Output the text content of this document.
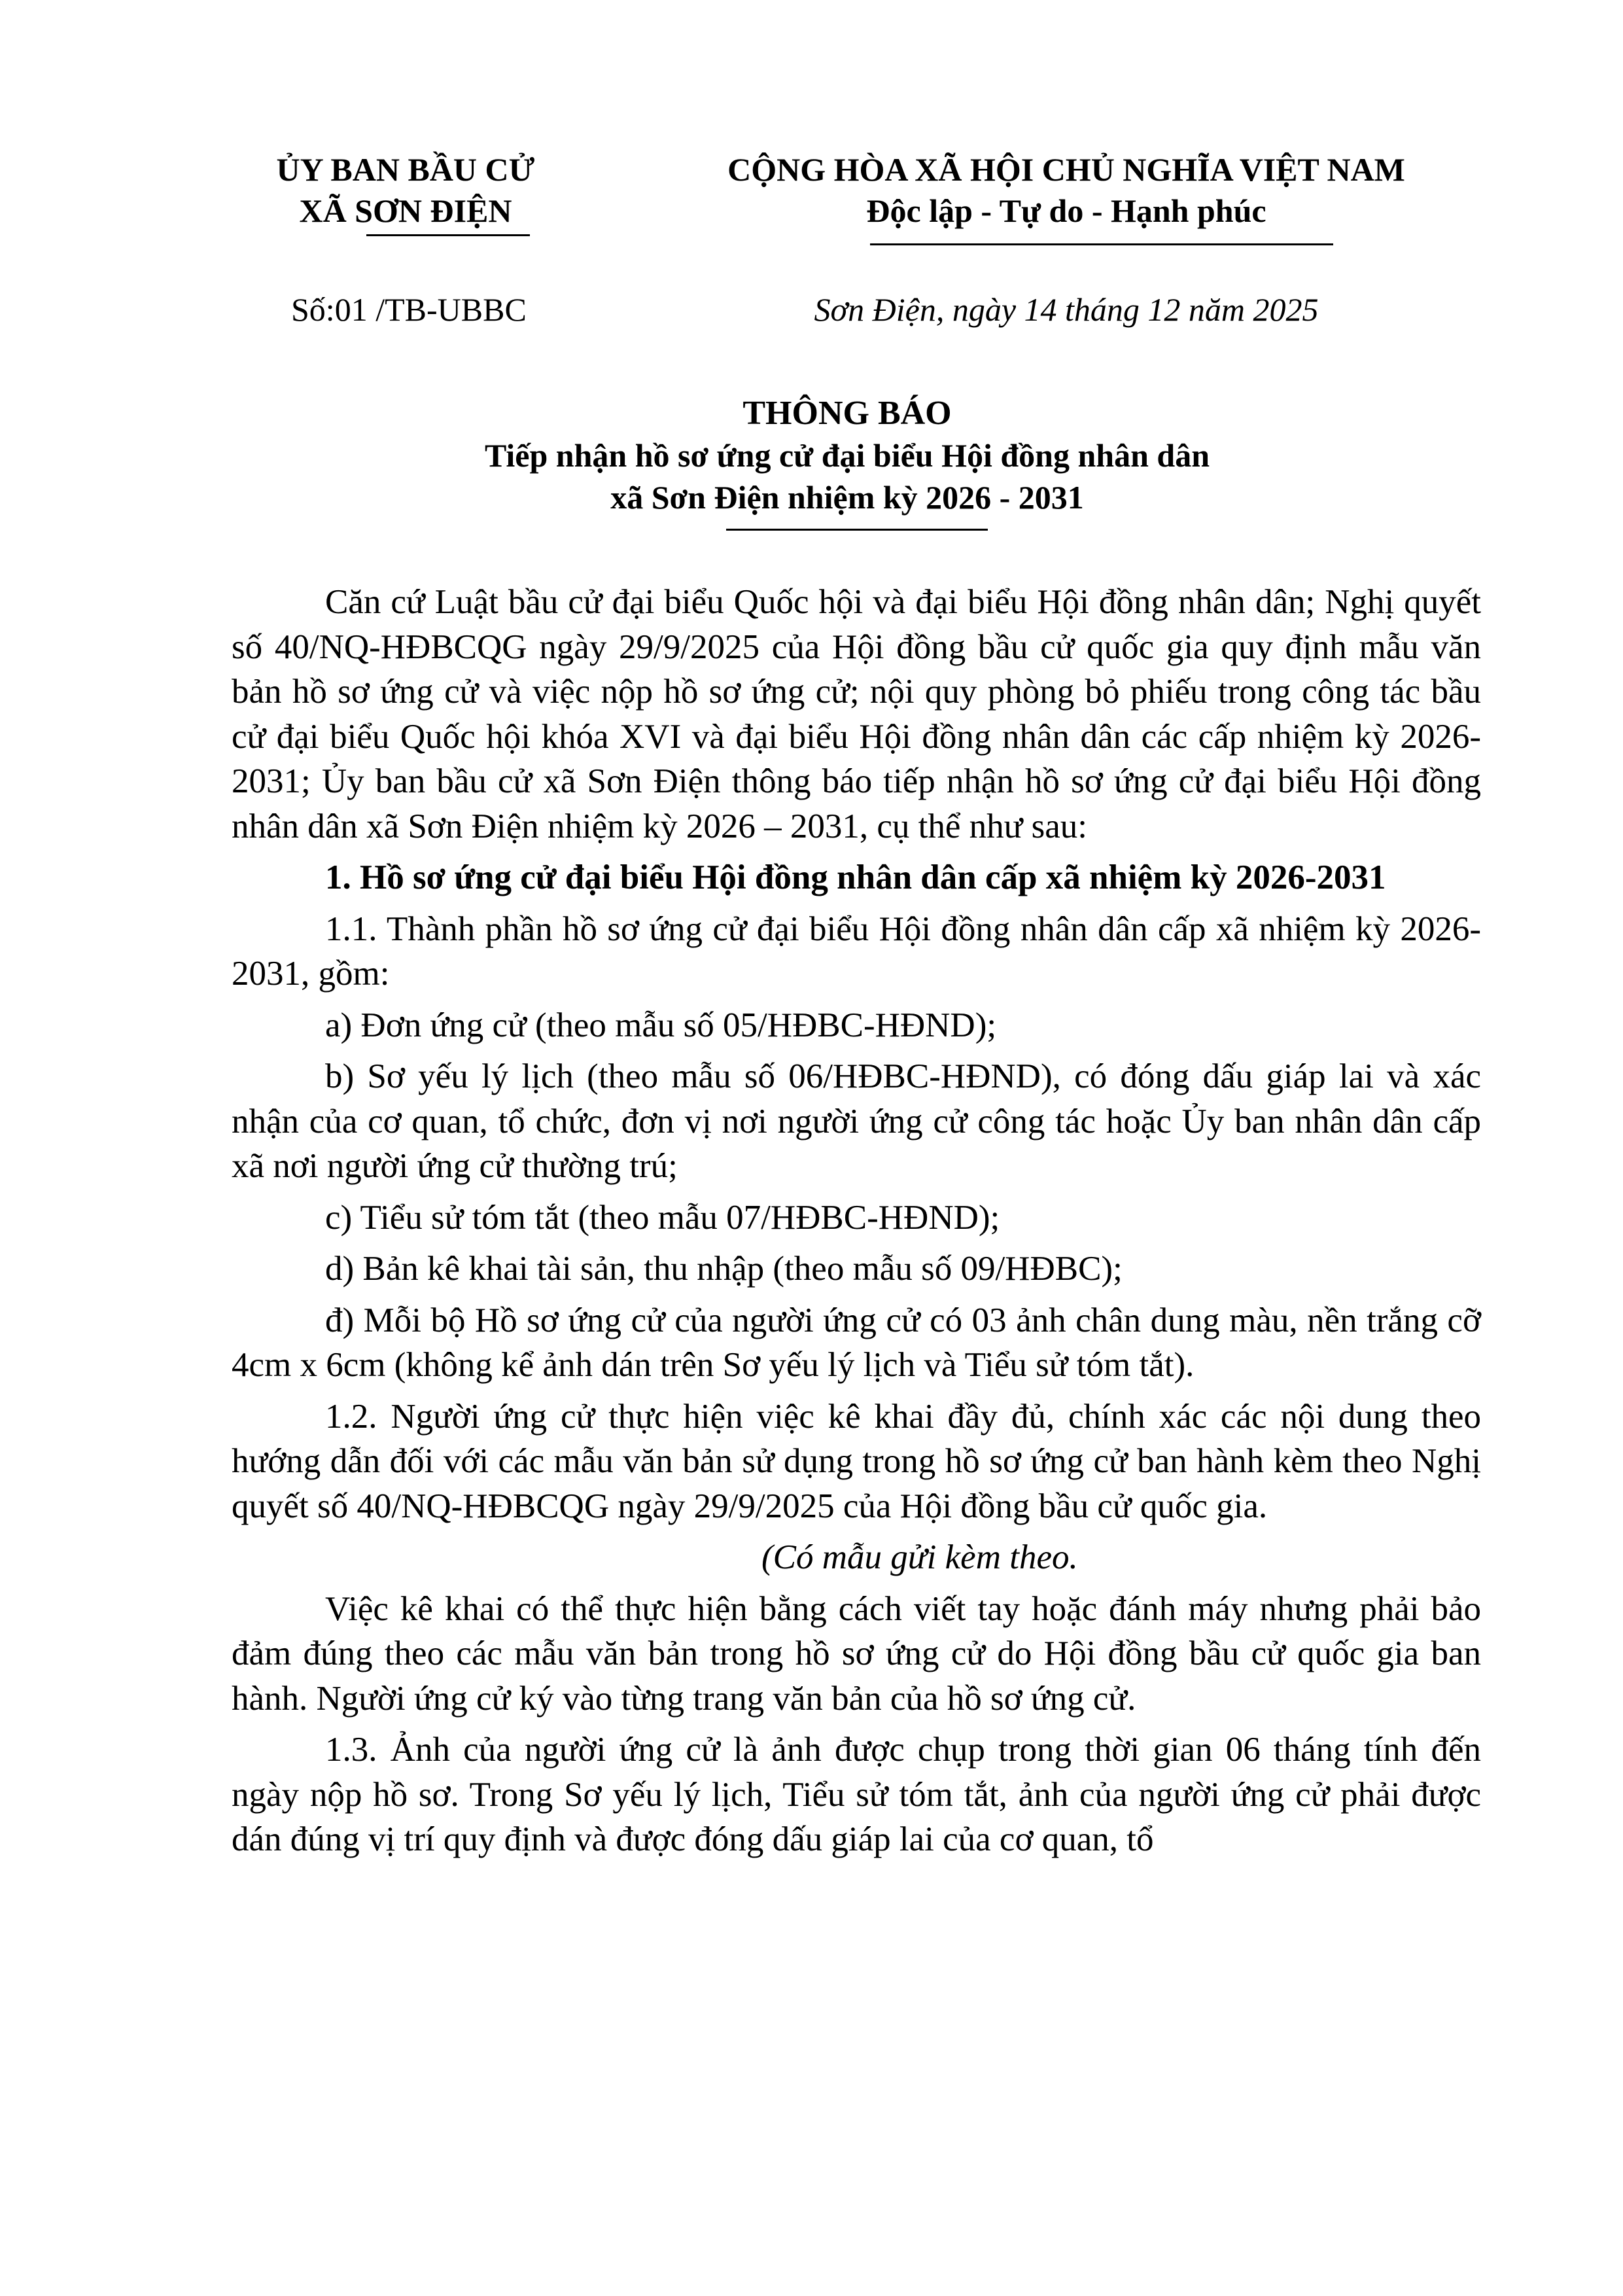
ỦY BAN BẦU CỬ
XÃ SƠN ĐIỆN
CỘNG HÒA XÃ HỘI CHỦ NGHĨA VIỆT NAM
Độc lập - Tự do - Hạnh phúc
Số:01 /TB-UBBC	Sơn Điện, ngày 14 tháng 12 năm 2025
THÔNG BÁO
Tiếp nhận hồ sơ ứng cử đại biểu Hội đồng nhân dân
xã Sơn Điện nhiệm kỳ 2026 - 2031

Căn cứ Luật bầu cử đại biểu Quốc hội và đại biểu Hội đồng nhân dân; Nghị quyết số 40/NQ-HĐBCQG ngày 29/9/2025 của Hội đồng bầu cử quốc gia quy định mẫu văn bản hồ sơ ứng cử và việc nộp hồ sơ ứng cử; nội quy phòng bỏ phiếu trong công tác bầu cử đại biểu Quốc hội khóa XVI và đại biểu Hội đồng nhân dân các cấp nhiệm kỳ 2026-2031; Ủy ban bầu cử xã Sơn Điện thông báo tiếp nhận hồ sơ ứng cử đại biểu Hội đồng nhân dân xã Sơn Điện nhiệm kỳ 2026 – 2031, cụ thể như sau:

1. Hồ sơ ứng cử đại biểu Hội đồng nhân dân cấp xã nhiệm kỳ 2026-2031

1.1. Thành phần hồ sơ ứng cử đại biểu Hội đồng nhân dân cấp xã nhiệm kỳ 2026-2031, gồm:

a) Đơn ứng cử (theo mẫu số 05/HĐBC-HĐND);

b) Sơ yếu lý lịch (theo mẫu số 06/HĐBC-HĐND), có đóng dấu giáp lai và xác nhận của cơ quan, tổ chức, đơn vị nơi người ứng cử công tác hoặc Ủy ban nhân dân cấp xã nơi người ứng cử thường trú;

c) Tiểu sử tóm tắt (theo mẫu 07/HĐBC-HĐND);

d) Bản kê khai tài sản, thu nhập (theo mẫu số 09/HĐBC);

đ) Mỗi bộ Hồ sơ ứng cử của người ứng cử có 03 ảnh chân dung màu, nền trắng cỡ 4cm x 6cm (không kể ảnh dán trên Sơ yếu lý lịch và Tiểu sử tóm tắt).

1.2. Người ứng cử thực hiện việc kê khai đầy đủ, chính xác các nội dung theo hướng dẫn đối với các mẫu văn bản sử dụng trong hồ sơ ứng cử ban hành kèm theo Nghị quyết số 40/NQ-HĐBCQG ngày 29/9/2025 của Hội đồng bầu cử quốc gia.

(Có mẫu gửi kèm theo.

Việc kê khai có thể thực hiện bằng cách viết tay hoặc đánh máy nhưng phải bảo đảm đúng theo các mẫu văn bản trong hồ sơ ứng cử do Hội đồng bầu cử quốc gia ban hành. Người ứng cử ký vào từng trang văn bản của hồ sơ ứng cử.

1.3. Ảnh của người ứng cử là ảnh được chụp trong thời gian 06 tháng tính đến ngày nộp hồ sơ. Trong Sơ yếu lý lịch, Tiểu sử tóm tắt, ảnh của người ứng cử phải được dán đúng vị trí quy định và được đóng dấu giáp lai của cơ quan, tổ
